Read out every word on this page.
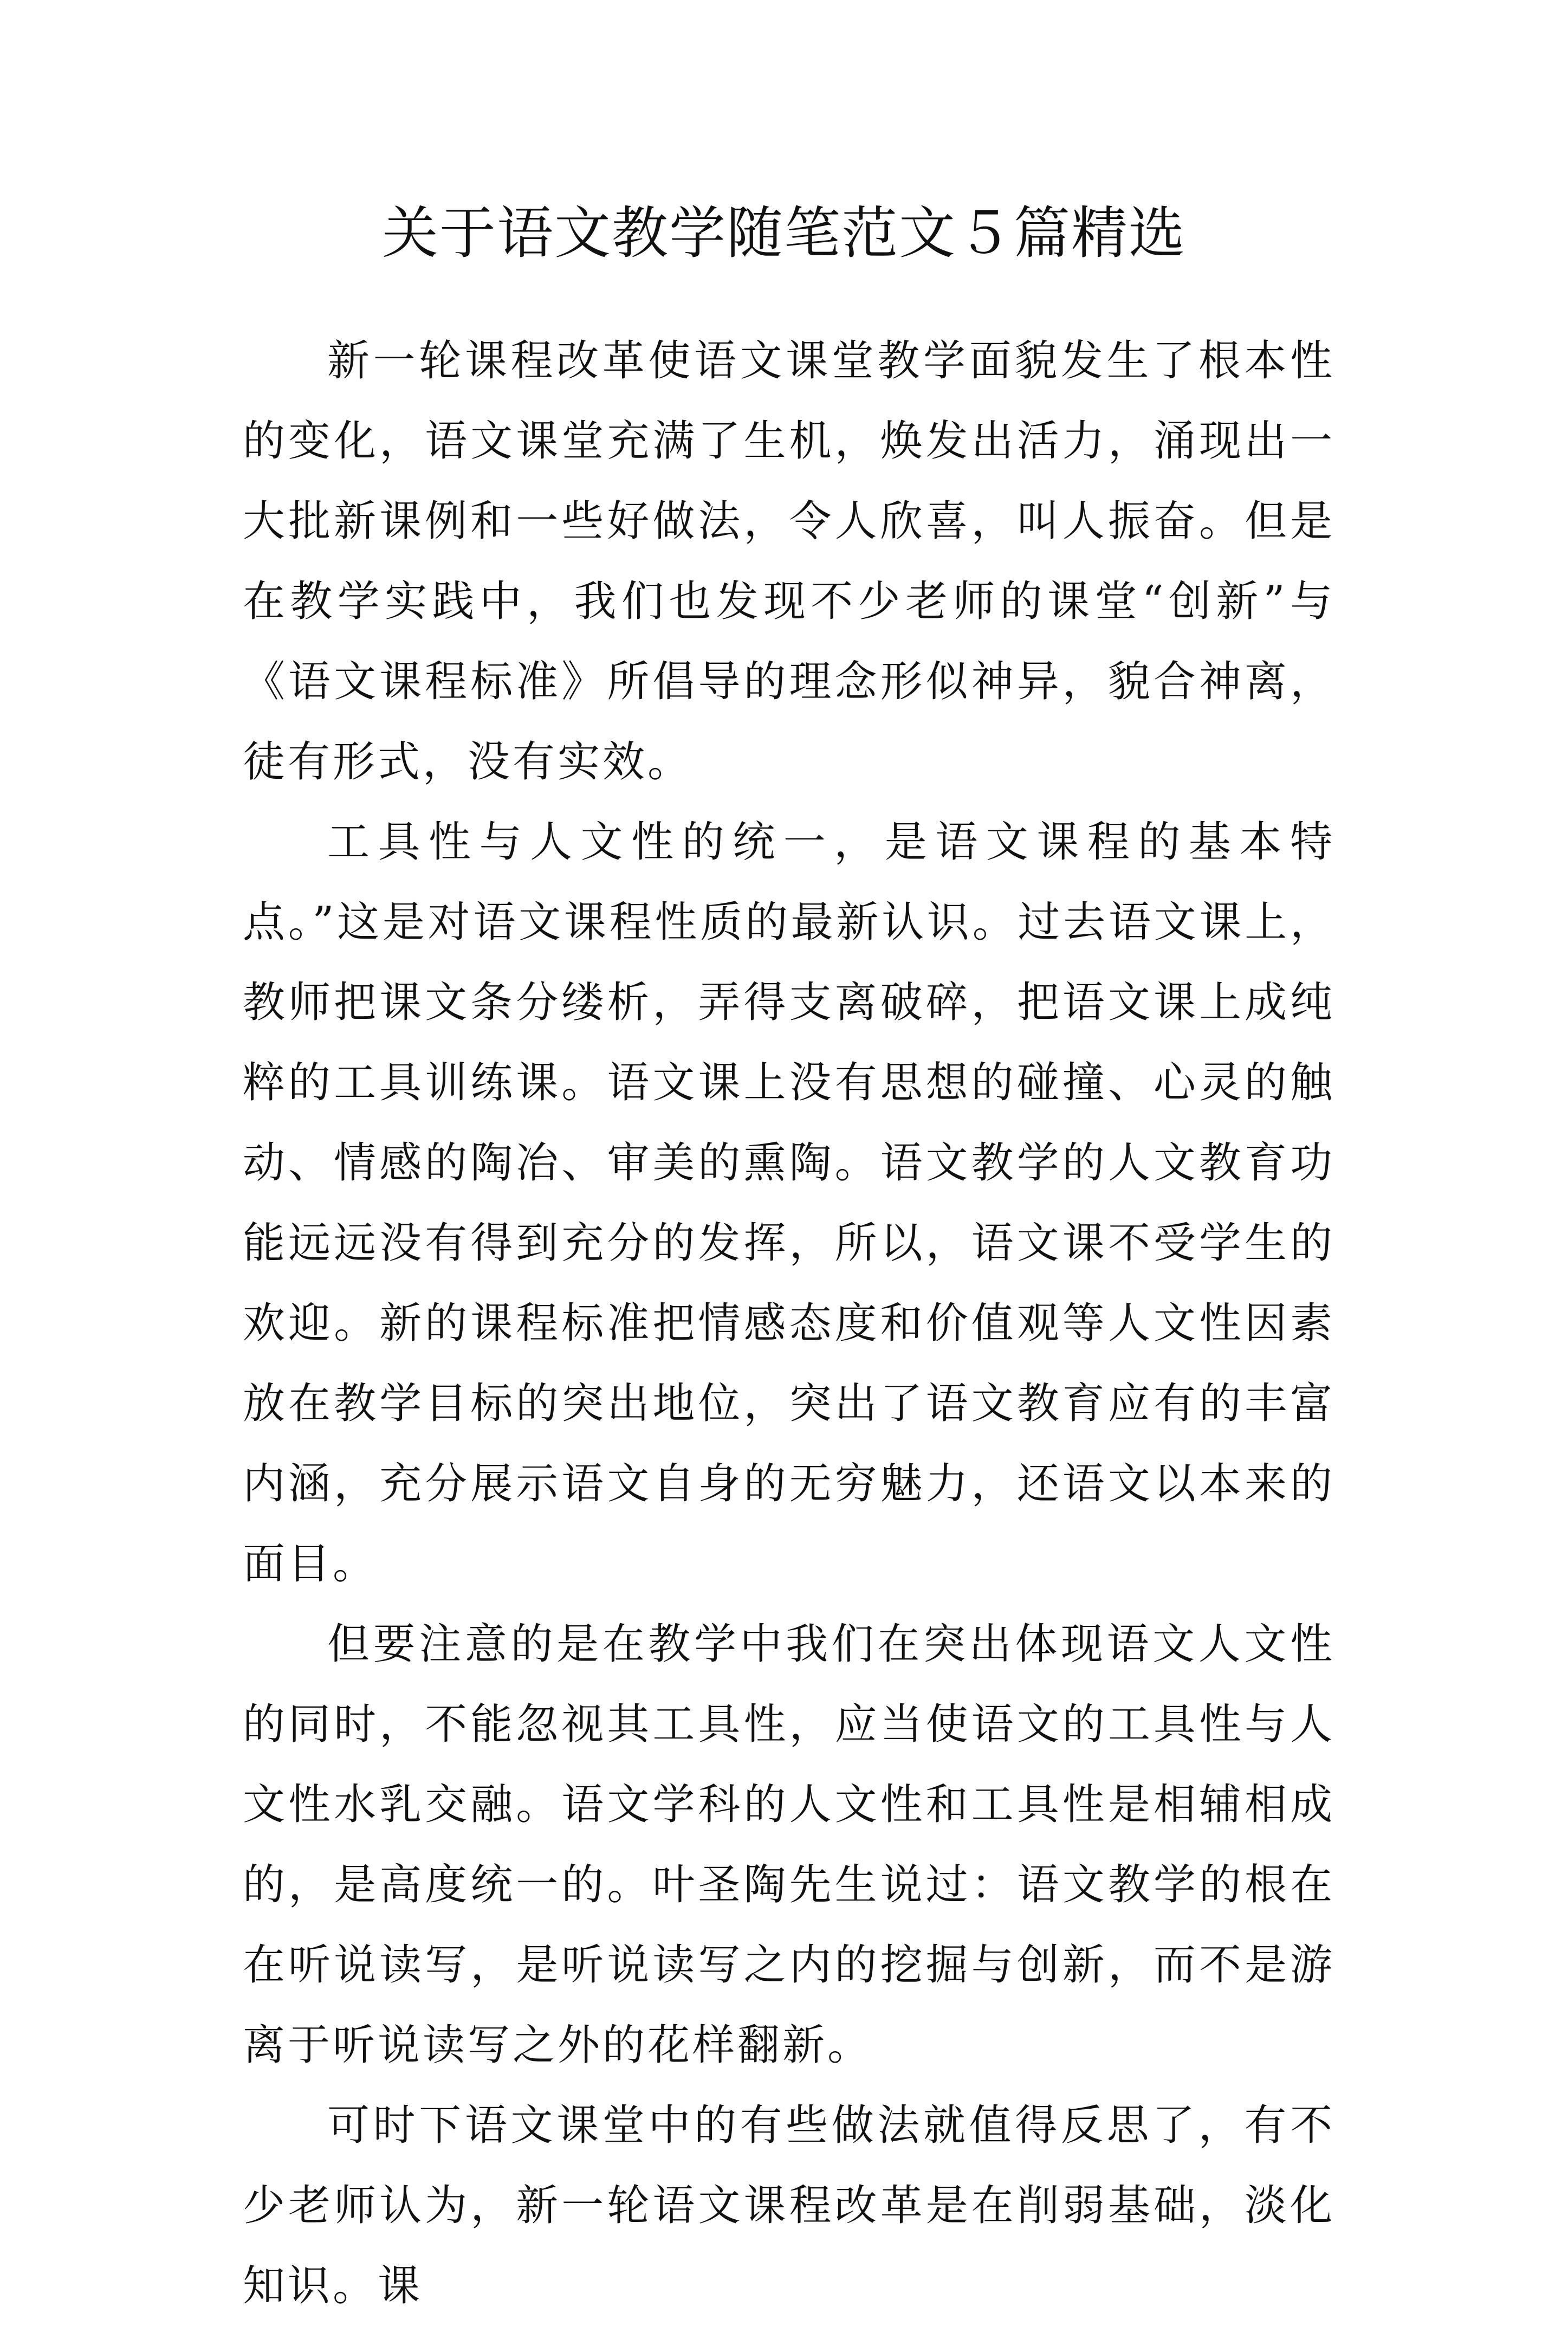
关于语文教学随笔范文５篇精选

新一轮课程改革使语文课堂教学面貌发生了根本性的变化，语文课堂充满了生机，焕发出活力，涌现出一大批新课例和一些好做法，令人欣喜，叫人振奋。但是在教学实践中，我们也发现不少老师的课堂“创新”与《语文课程标准》所倡导的理念形似神异，貌合神离，徒有形式，没有实效。

工具性与人文性的统一，是语文课程的基本特点。”这是对语文课程性质的最新认识。过去语文课上，教师把课文条分缕析，弄得支离破碎，把语文课上成纯粹的工具训练课。语文课上没有思想的碰撞、心灵的触动、情感的陶冶、审美的熏陶。语文教学的人文教育功能远远没有得到充分的发挥，所以，语文课不受学生的欢迎。新的课程标准把情感态度和价值观等人文性因素放在教学目标的突出地位，突出了语文教育应有的丰富内涵，充分展示语文自身的无穷魅力，还语文以本来的面目。

但要注意的是在教学中我们在突出体现语文人文性的同时，不能忽视其工具性，应当使语文的工具性与人文性水乳交融。语文学科的人文性和工具性是相辅相成的，是高度统一的。叶圣陶先生说过：语文教学的根在在听说读写，是听说读写之内的挖掘与创新，而不是游离于听说读写之外的花样翻新。

可时下语文课堂中的有些做法就值得反思了，有不少老师认为，新一轮语文课程改革是在削弱基础，淡化知识。课
